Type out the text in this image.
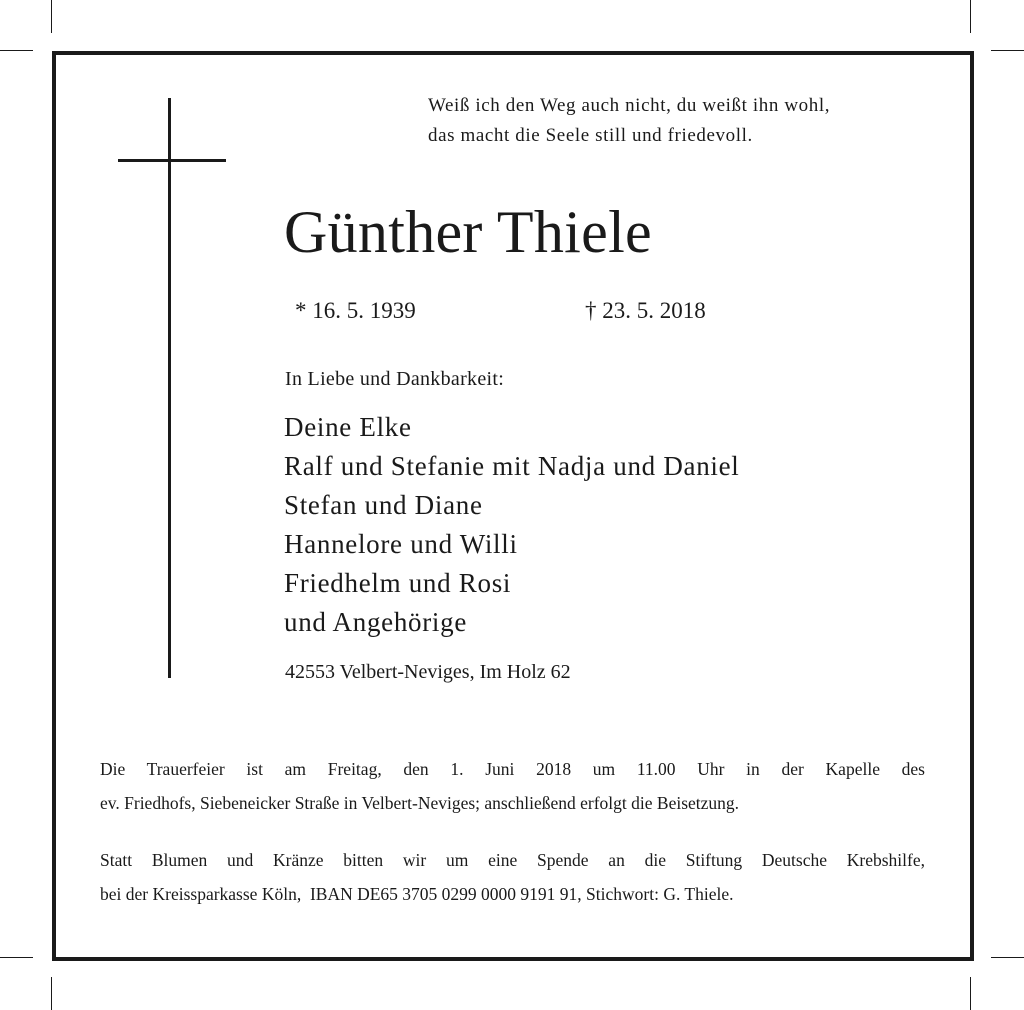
Weiß ich den Weg auch nicht, du weißt ihn wohl,
das macht die Seele still und friedevoll.
Günther Thiele
* 16. 5. 1939	† 23. 5. 2018
In Liebe und Dankbarkeit:
Deine Elke
Ralf und Stefanie mit Nadja und Daniel
Stefan und Diane
Hannelore und Willi
Friedhelm und Rosi
und Angehörige
42553 Velbert-Neviges, Im Holz 62
Die Trauerfeier ist am Freitag, den 1. Juni 2018 um 11.00 Uhr in der Kapelle des
ev. Friedhofs, Siebeneicker Straße in Velbert-Neviges; anschließend erfolgt die Beisetzung.
Statt Blumen und Kränze bitten wir um eine Spende an die Stiftung Deutsche Krebshilfe,
bei der Kreissparkasse Köln,  IBAN DE65 3705 0299 0000 9191 91, Stichwort: G. Thiele.
